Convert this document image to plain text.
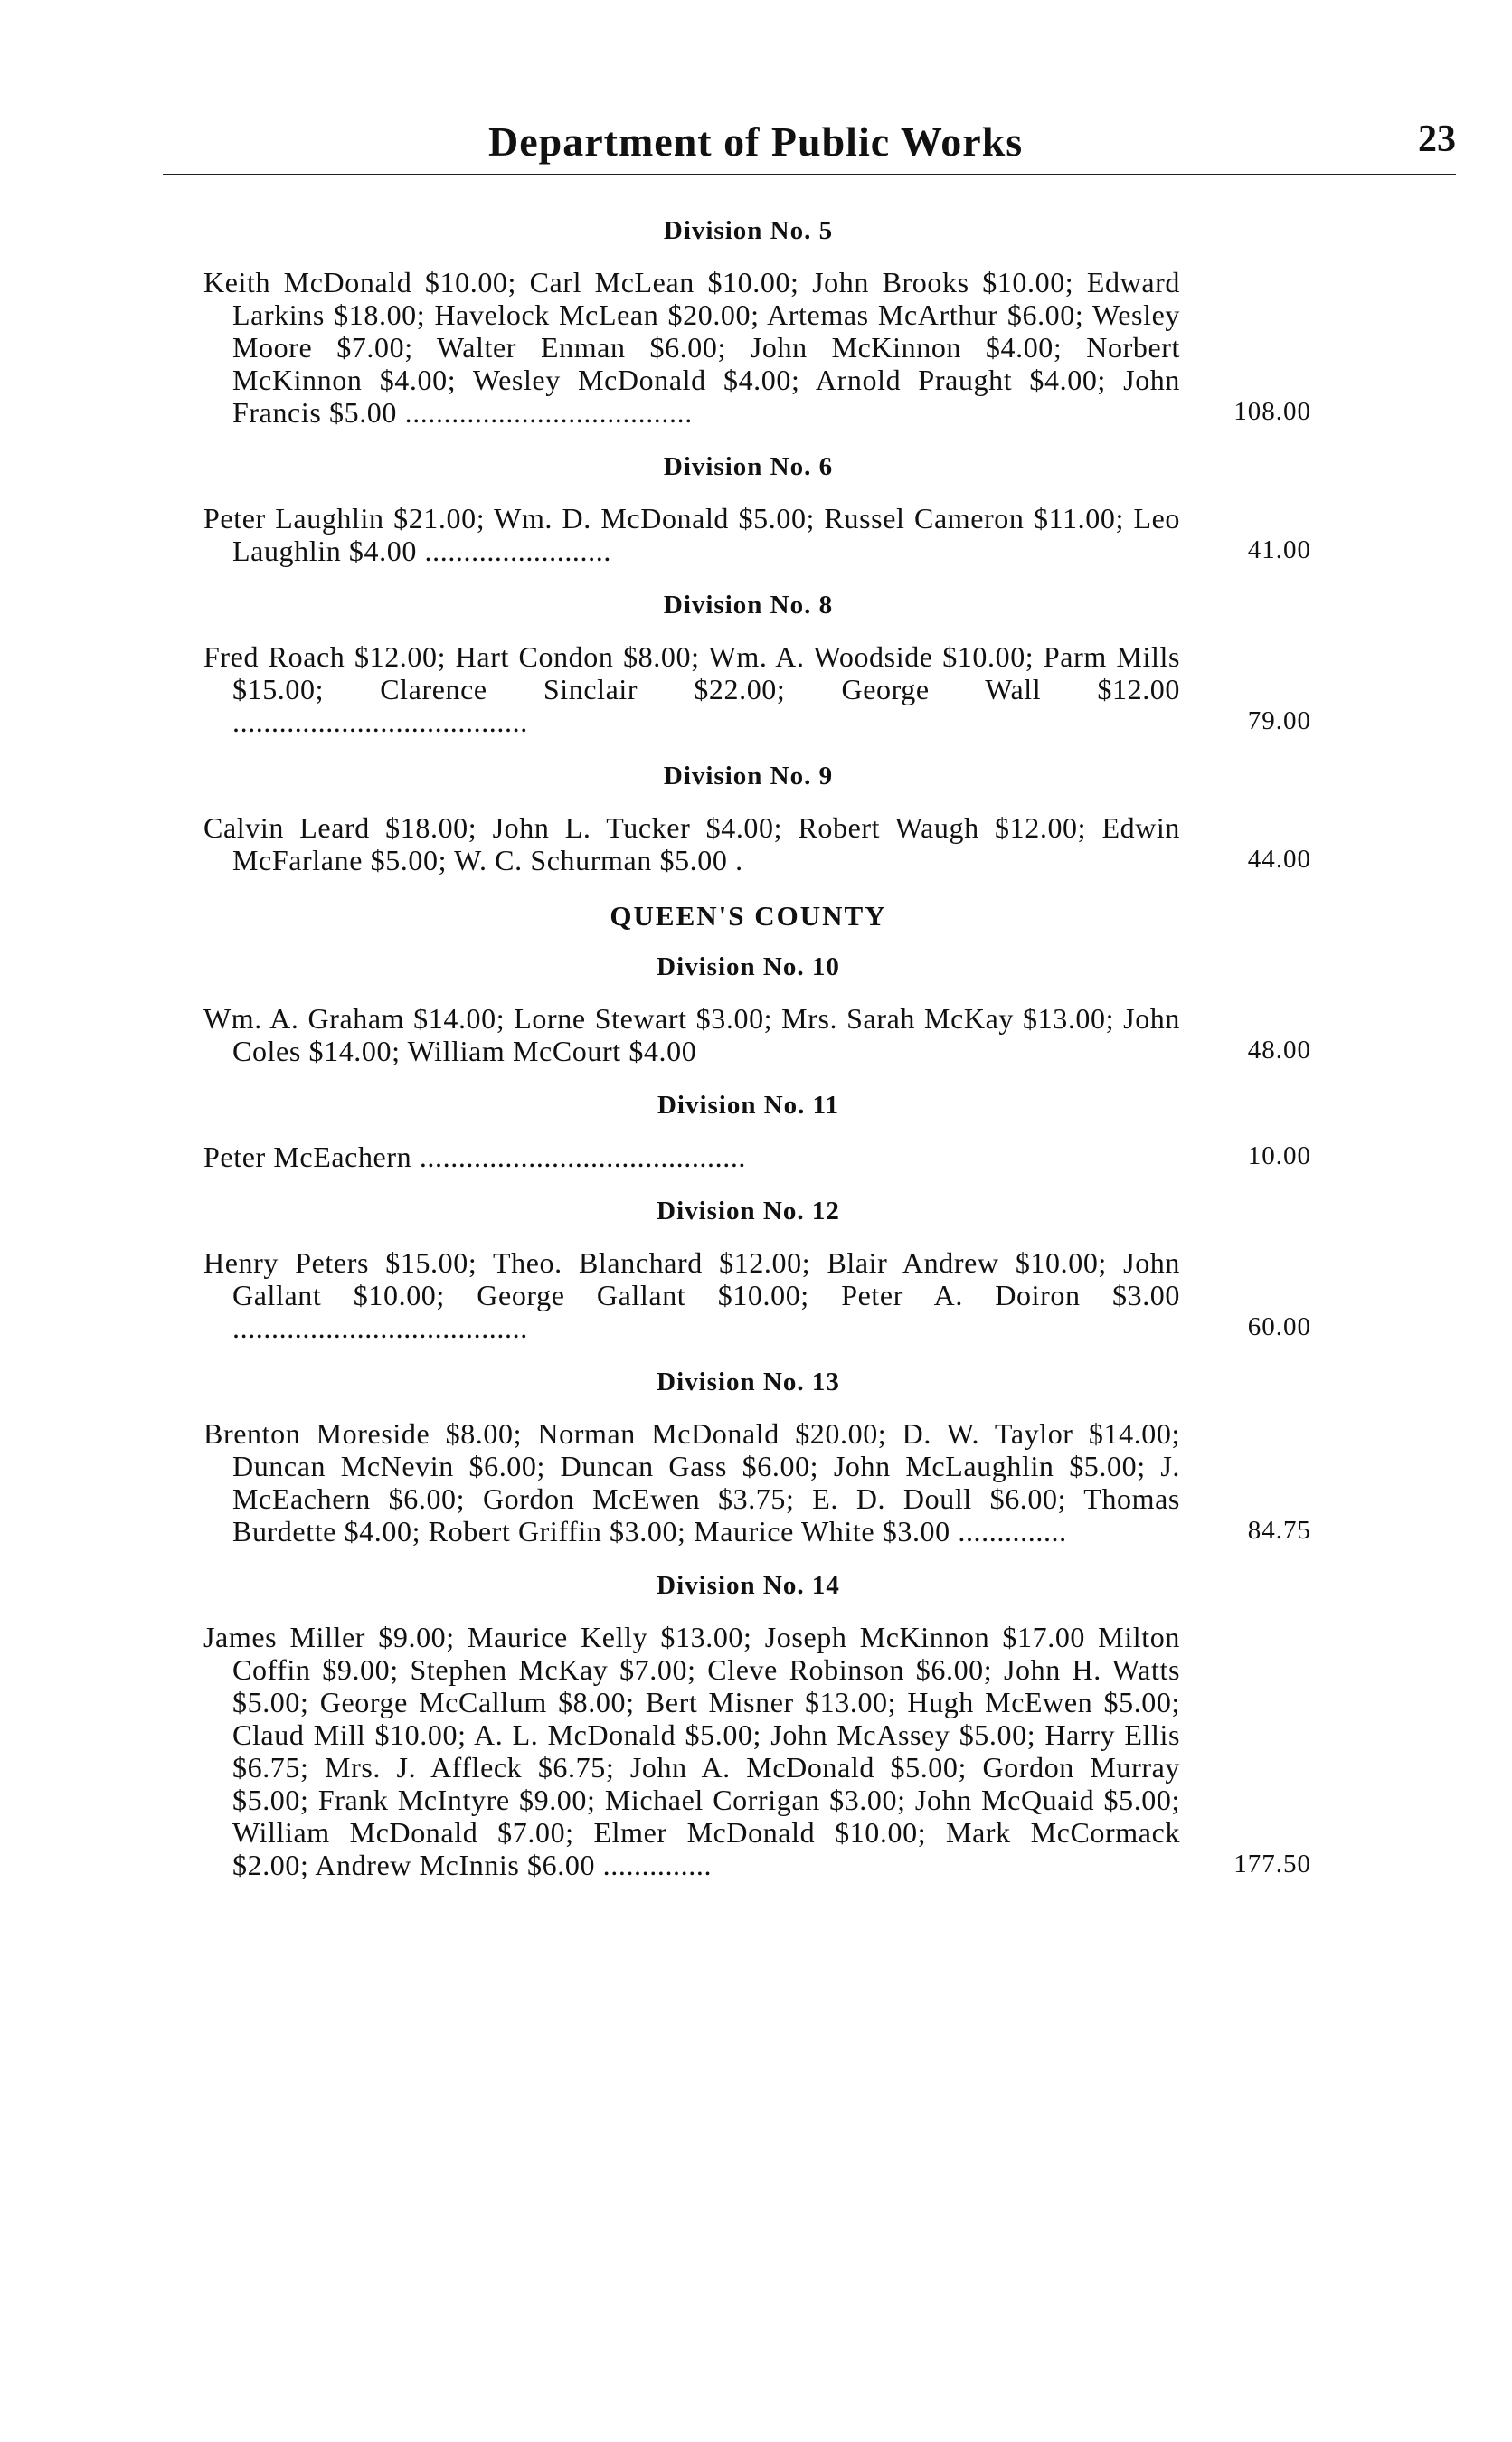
Department of Public Works	23
Division No. 5
Keith McDonald $10.00; Carl McLean $10.00; John Brooks $10.00; Edward Larkins $18.00; Havelock McLean $20.00; Artemas McArthur $6.00; Wesley Moore $7.00; Walter Enman $6.00; John McKinnon $4.00; Norbert McKinnon $4.00; Wesley McDonald $4.00; Arnold Praught $4.00; John Francis $5.00 .....................................	108.00
Division No. 6
Peter Laughlin $21.00; Wm. D. McDonald $5.00; Russel Cameron $11.00; Leo Laughlin $4.00 ........................	41.00
Division No. 8
Fred Roach $12.00; Hart Condon $8.00; Wm. A. Woodside $10.00; Parm Mills $15.00; Clarence Sinclair $22.00; George Wall $12.00 ......................................	79.00
Division No. 9
Calvin Leard $18.00; John L. Tucker $4.00; Robert Waugh $12.00; Edwin McFarlane $5.00; W. C. Schurman $5.00 .	44.00
QUEEN'S COUNTY
Division No. 10
Wm. A. Graham $14.00; Lorne Stewart $3.00; Mrs. Sarah McKay $13.00; John Coles $14.00; William McCourt $4.00	48.00
Division No. 11
Peter McEachern ..........................................	10.00
Division No. 12
Henry Peters $15.00; Theo. Blanchard $12.00; Blair Andrew $10.00; John Gallant $10.00; George Gallant $10.00; Peter A. Doiron $3.00 ......................................	60.00
Division No. 13
Brenton Moreside $8.00; Norman McDonald $20.00; D. W. Taylor $14.00; Duncan McNevin $6.00; Duncan Gass $6.00; John McLaughlin $5.00; J. McEachern $6.00; Gordon McEwen $3.75; E. D. Doull $6.00; Thomas Burdette $4.00; Robert Griffin $3.00; Maurice White $3.00 ..............	84.75
Division No. 14
James Miller $9.00; Maurice Kelly $13.00; Joseph McKinnon $17.00 Milton Coffin $9.00; Stephen McKay $7.00; Cleve Robinson $6.00; John H. Watts $5.00; George McCallum $8.00; Bert Misner $13.00; Hugh McEwen $5.00; Claud Mill $10.00; A. L. McDonald $5.00; John McAssey $5.00; Harry Ellis $6.75; Mrs. J. Affleck $6.75; John A. McDonald $5.00; Gordon Murray $5.00; Frank McIntyre $9.00; Michael Corrigan $3.00; John McQuaid $5.00; William McDonald $7.00; Elmer McDonald $10.00; Mark McCormack $2.00; Andrew McInnis $6.00 ..............	177.50
